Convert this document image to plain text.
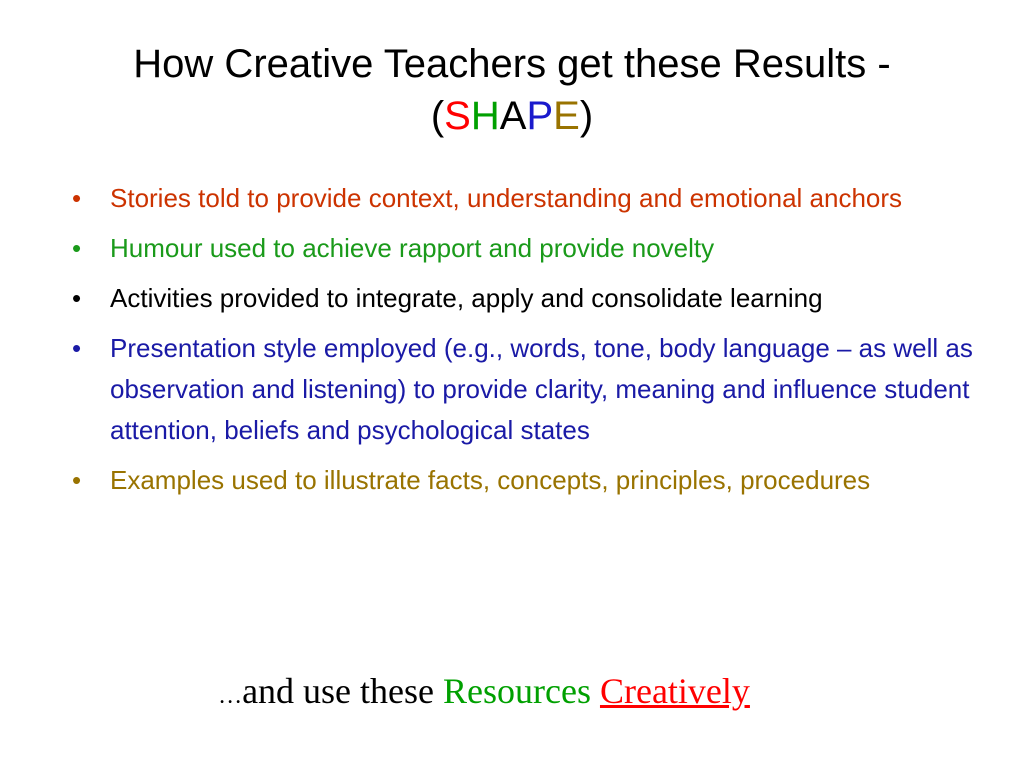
How Creative Teachers get these Results -
(SHAPE)
•	Stories told to provide context, understanding and emotional anchors
•	Humour used to achieve rapport and provide novelty
•	Activities provided to integrate, apply and consolidate learning
•	Presentation style employed (e.g., words, tone, body language – as well as observation and listening) to provide clarity, meaning and influence student attention, beliefs and psychological states
•	Examples used to illustrate facts, concepts, principles, procedures
…and use these Resources Creatively
